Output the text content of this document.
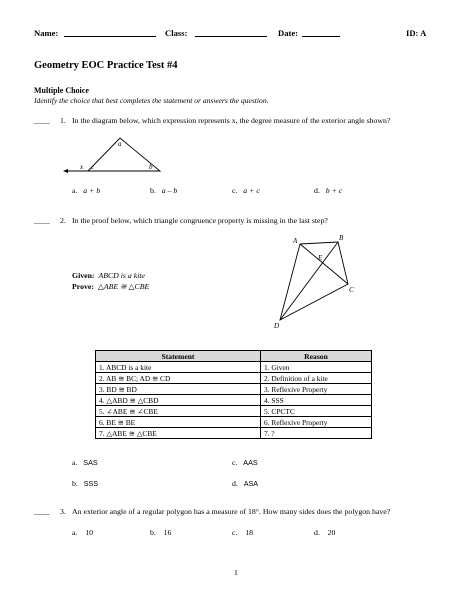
Name:	Class:	Date:	ID: A
Geometry EOC Practice Test #4
Multiple Choice
Identify the choice that best completes the statement or answers the question.
____ 1. In the diagram below, which expression represents x, the degree measure of the exterior angle shown?
a
x c	b
a. a + b	b. a – b	c. a + c	d. b + c
____ 2. In the proof below, which triangle congruence property is missing in the last step?
A	B
E
C
D
Given: ABCD is a kite
Prove: △ABE ≅ △CBE
Statement	Reason
1. ABCD is a kite	1. Given
2. AB ≅ BC; AD ≅ CD	2. Definition of a kite
3. BD ≅ BD	3. Reflexive Property
4. △ABD ≅ △CBD	4. SSS
5. ∠ABE ≅ ∠CBE	5. CPCTC
6. BE ≅ BE	6. Reflexive Property
7. △ABE ≅ △CBE	7. ?
a. SAS	c. AAS
b. SSS	d. ASA
____ 3. An exterior angle of a regular polygon has a measure of 18°. How many sides does the polygon have?
a. 10	b. 16	c. 18	d. 20
1
